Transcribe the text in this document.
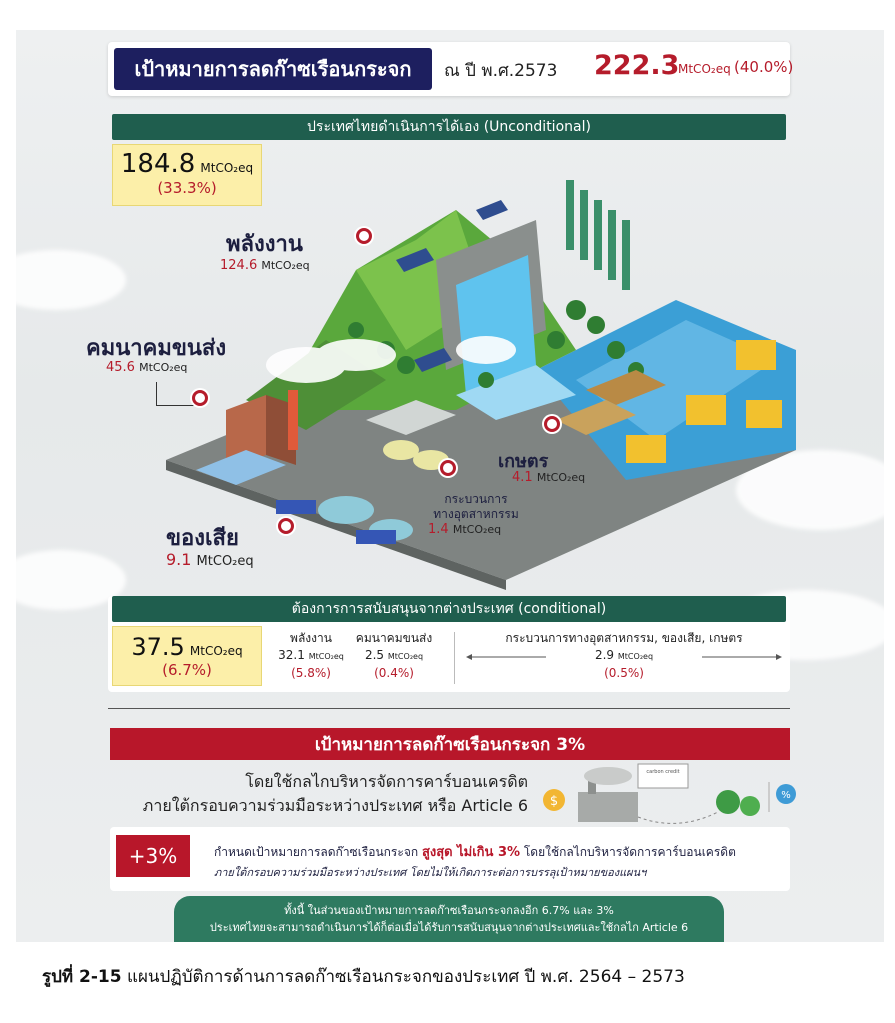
เป้าหมายการลดก๊าซเรือนกระจก	ณ ปี พ.ศ.2573 222.3
MtCO₂eq (40.0%)
ประเทศไทยดำเนินการได้เอง (Unconditional)
184.8 MtCO₂eq
(33.3%)
พลังงาน
124.6 MtCO₂eq
คมนาคมขนส่ง
45.6 MtCO₂eq
เกษตร
4.1 MtCO₂eq
กระบวนการ
ทางอุตสาหกรรม
1.4 MtCO₂eq
ของเสีย
9.1 MtCO₂eq
ต้องการการสนับสนุนจากต่างประเทศ (conditional)
37.5 MtCO₂eq
(6.7%)
พลังงาน
32.1 MtCO₂eq
(5.8%)
คมนาคมขนส่ง
2.5 MtCO₂eq
(0.4%)
กระบวนการทางอุตสาหกรรม, ของเสีย, เกษตร
2.9 MtCO₂eq
(0.5%)
เป้าหมายการลดก๊าซเรือนกระจก 3%
โดยใช้กลไกบริหารจัดการคาร์บอนเครดิต
ภายใต้กรอบความร่วมมือระหว่างประเทศ หรือ Article 6 $
carbon credit
%
+3%	กำหนดเป้าหมายการลดก๊าซเรือนกระจก สูงสุด ไม่เกิน 3% โดยใช้กลไกบริหารจัดการคาร์บอนเครดิต
ภายใต้กรอบความร่วมมือระหว่างประเทศ โดยไม่ให้เกิดภาระต่อการบรรลุเป้าหมายของแผนฯ
ทั้งนี้ ในส่วนของเป้าหมายการลดก๊าซเรือนกระจกลงอีก 6.7% และ 3%
ประเทศไทยจะสามารถดำเนินการได้ก็ต่อเมื่อได้รับการสนับสนุนจากต่างประเทศและใช้กลไก Article 6
รูปที่ 2-15 แผนปฏิบัติการด้านการลดก๊าซเรือนกระจกของประเทศ ปี พ.ศ. 2564 – 2573
